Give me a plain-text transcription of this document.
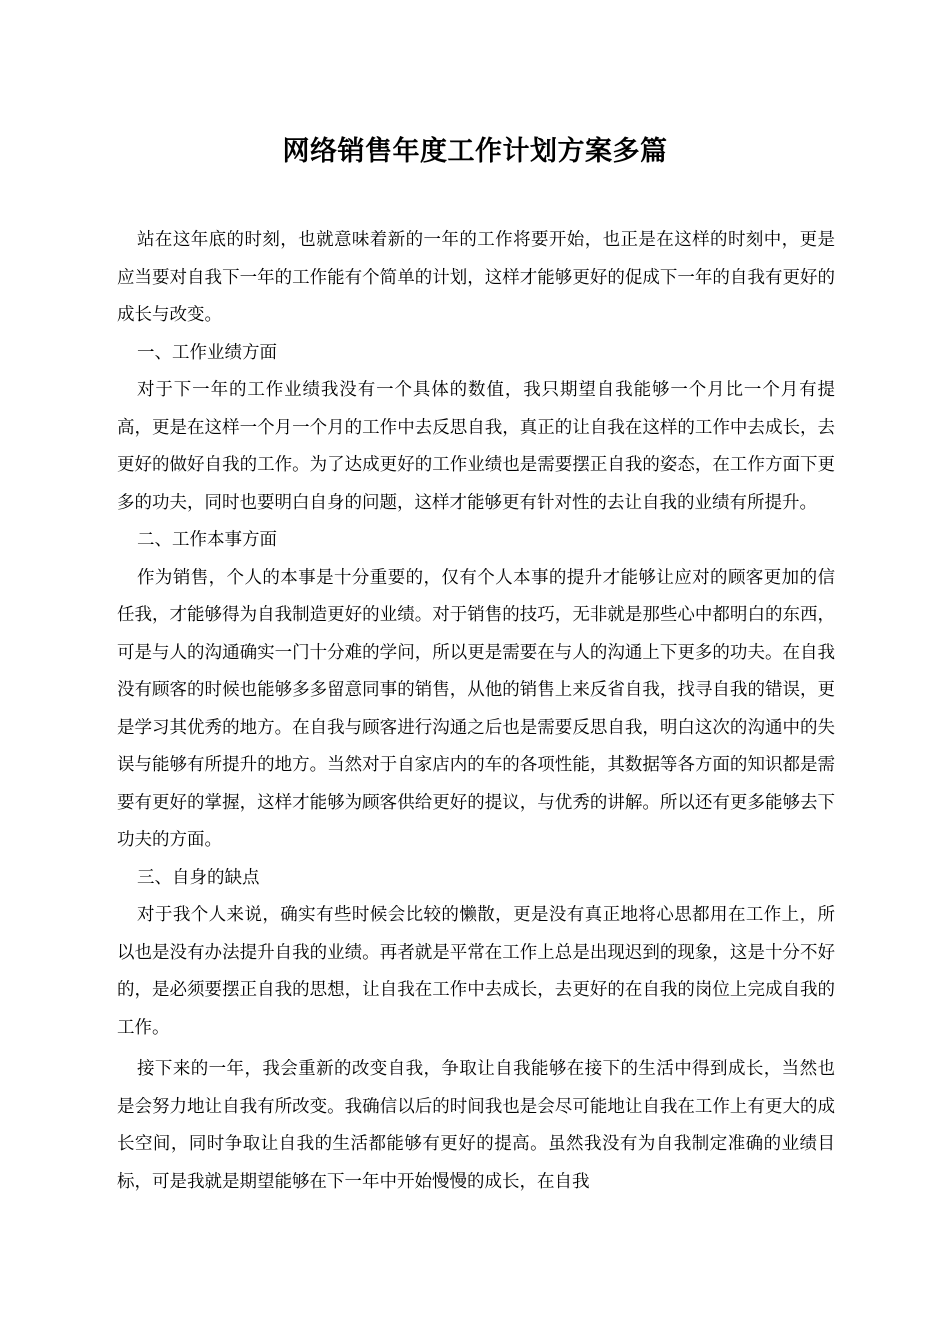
网络销售年度工作计划方案多篇

站在这年底的时刻，也就意味着新的一年的工作将要开始，也正是在这样的时刻中，更是应当要对自我下一年的工作能有个简单的计划，这样才能够更好的促成下一年的自我有更好的成长与改变。

一、工作业绩方面

对于下一年的工作业绩我没有一个具体的数值，我只期望自我能够一个月比一个月有提高，更是在这样一个月一个月的工作中去反思自我，真正的让自我在这样的工作中去成长，去更好的做好自我的工作。为了达成更好的工作业绩也是需要摆正自我的姿态，在工作方面下更多的功夫，同时也要明白自身的问题，这样才能够更有针对性的去让自我的业绩有所提升。

二、工作本事方面

作为销售，个人的本事是十分重要的，仅有个人本事的提升才能够让应对的顾客更加的信任我，才能够得为自我制造更好的业绩。对于销售的技巧，无非就是那些心中都明白的东西，可是与人的沟通确实一门十分难的学问，所以更是需要在与人的沟通上下更多的功夫。在自我没有顾客的时候也能够多多留意同事的销售，从他的销售上来反省自我，找寻自我的错误，更是学习其优秀的地方。在自我与顾客进行沟通之后也是需要反思自我，明白这次的沟通中的失误与能够有所提升的地方。当然对于自家店内的车的各项性能，其数据等各方面的知识都是需要有更好的掌握，这样才能够为顾客供给更好的提议，与优秀的讲解。所以还有更多能够去下功夫的方面。

三、自身的缺点

对于我个人来说，确实有些时候会比较的懒散，更是没有真正地将心思都用在工作上，所以也是没有办法提升自我的业绩。再者就是平常在工作上总是出现迟到的现象，这是十分不好的，是必须要摆正自我的思想，让自我在工作中去成长，去更好的在自我的岗位上完成自我的工作。

接下来的一年，我会重新的改变自我，争取让自我能够在接下的生活中得到成长，当然也是会努力地让自我有所改变。我确信以后的时间我也是会尽可能地让自我在工作上有更大的成长空间，同时争取让自我的生活都能够有更好的提高。虽然我没有为自我制定准确的业绩目标，可是我就是期望能够在下一年中开始慢慢的成长，在自我
